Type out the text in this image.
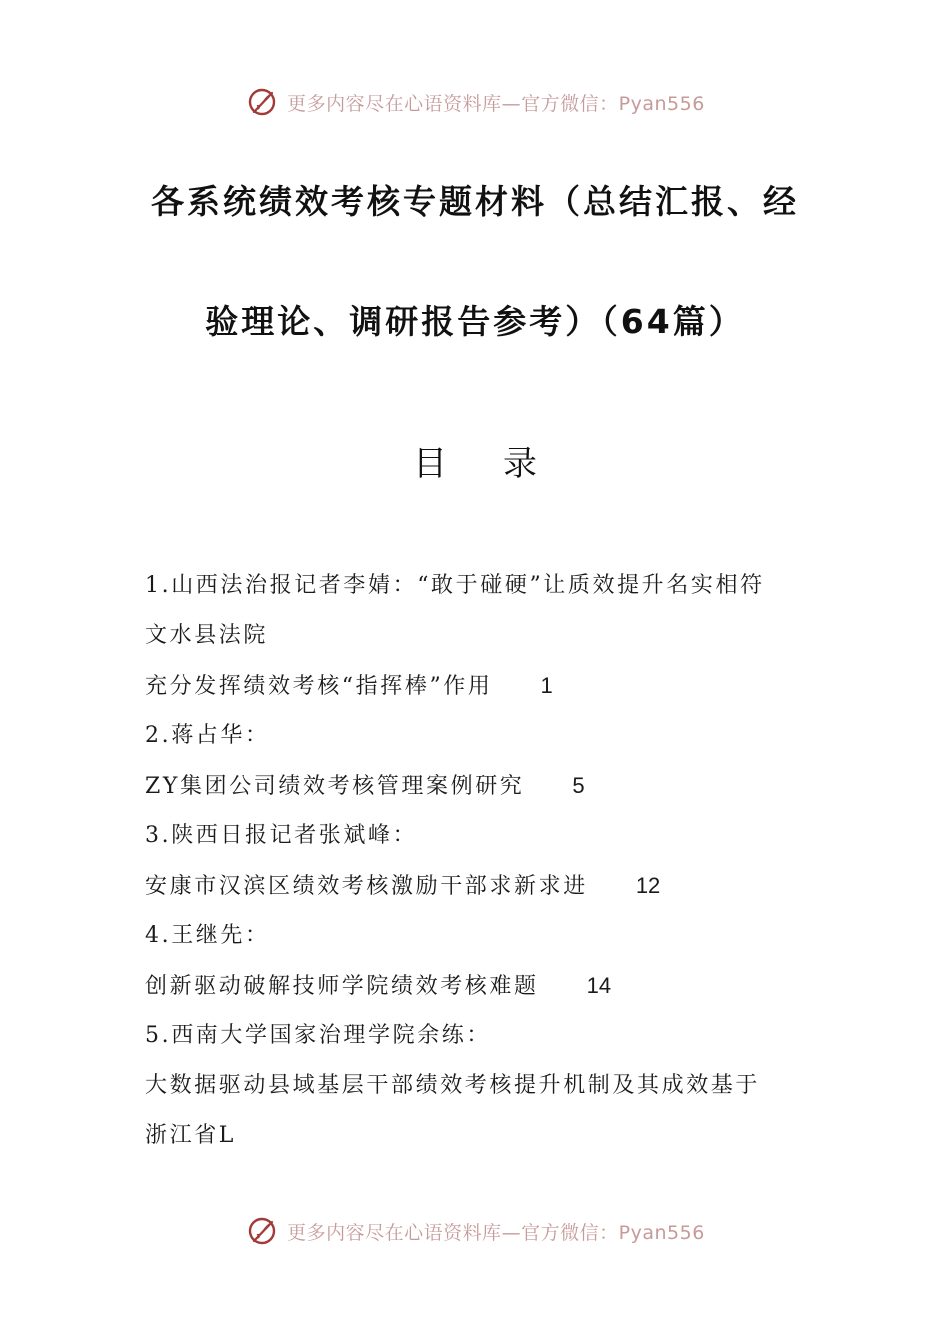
更多内容尽在心语资料库—官方微信：Pyan556
各系统绩效考核专题材料（总结汇报、经
验理论、调研报告参考）（64篇）
目 录
1.山西法治报记者李婧：“敢于碰硬”让质效提升名实相符
文水县法院
充分发挥绩效考核“指挥棒”作用 1
2.蒋占华：
ZY集团公司绩效考核管理案例研究 5
3.陕西日报记者张斌峰：
安康市汉滨区绩效考核激励干部求新求进 12
4.王继先：
创新驱动破解技师学院绩效考核难题 14
5.西南大学国家治理学院余练：
大数据驱动县域基层干部绩效考核提升机制及其成效基于
浙江省L
更多内容尽在心语资料库—官方微信：Pyan556
